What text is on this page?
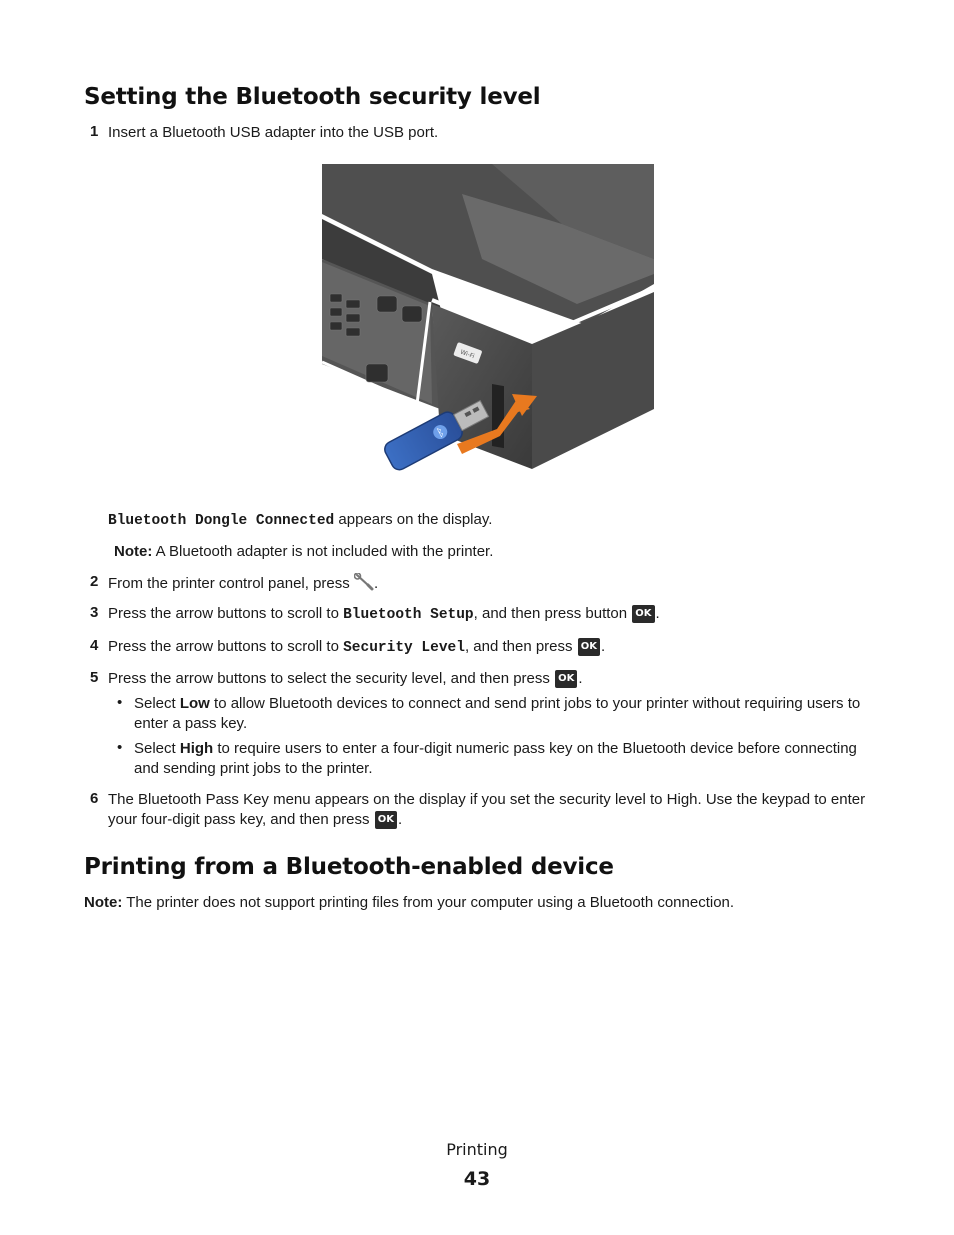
Setting the Bluetooth security level
1 Insert a Bluetooth USB adapter into the USB port.
Wi-Fi
ᛒ
Bluetooth Dongle Connected appears on the display.
Note: A Bluetooth adapter is not included with the printer.
2 From the printer control panel, press .
3 Press the arrow buttons to scroll to Bluetooth Setup, and then press button OK .
4 Press the arrow buttons to scroll to Security Level, and then press OK .
5 Press the arrow buttons to select the security level, and then press OK .
• Select Low to allow Bluetooth devices to connect and send print jobs to your printer without requiring users to enter a pass key.
• Select High to require users to enter a four-digit numeric pass key on the Bluetooth device before connecting and sending print jobs to the printer.
6 The Bluetooth Pass Key menu appears on the display if you set the security level to High. Use the keypad to enter your four-digit pass key, and then press OK .
Printing from a Bluetooth-enabled device
Note: The printer does not support printing files from your computer using a Bluetooth connection.
Printing
43
